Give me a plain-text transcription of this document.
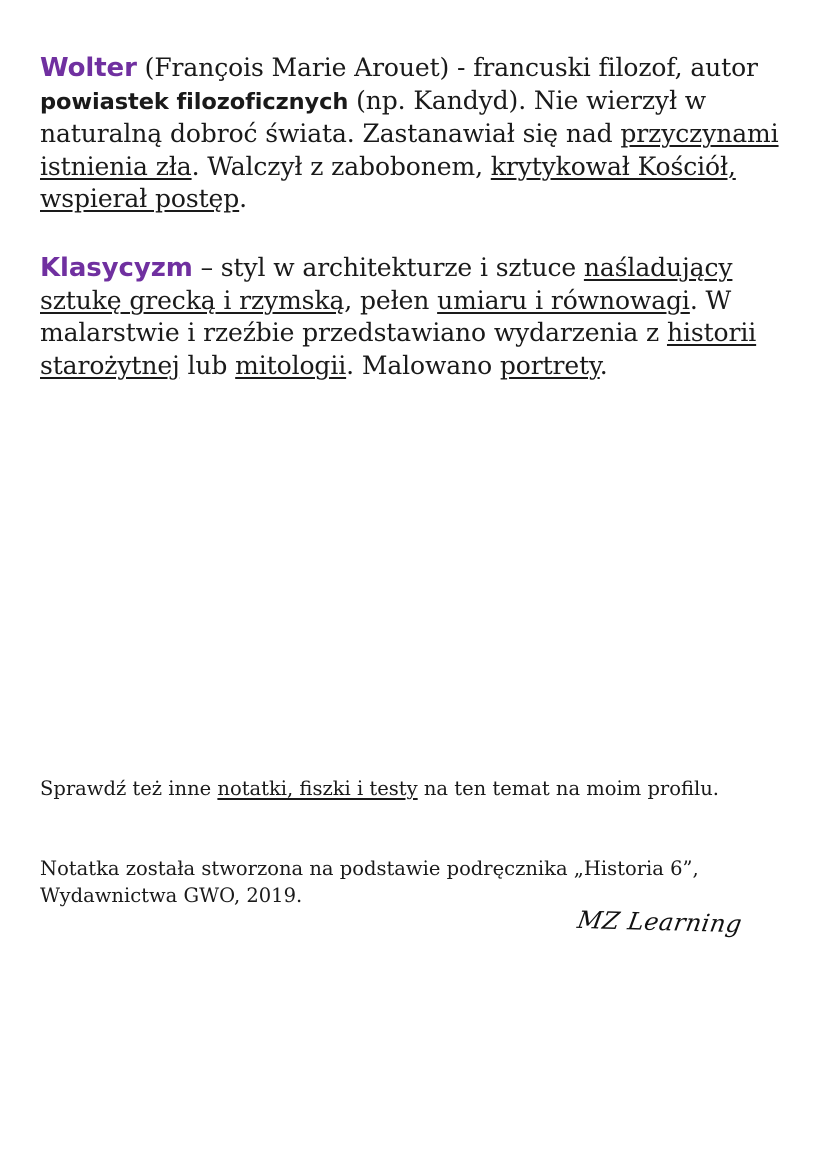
Wolter (François Marie Arouet) - francuski filozof, autor powiastek filozoficznych (np. Kandyd). Nie wierzył w naturalną dobroć świata. Zastanawiał się nad przyczynami istnienia zła. Walczył z zabobonem, krytykował Kościół, wspierał postęp.

Klasycyzm – styl w architekturze i sztuce naśladujący sztukę grecką i rzymską, pełen umiaru i równowagi. W malarstwie i rzeźbie przedstawiano wydarzenia z historii starożytnej lub mitologii. Malowano portrety.

Sprawdź też inne notatki, fiszki i testy na ten temat na moim profilu.

Notatka została stworzona na podstawie podręcznika „Historia 6”, Wydawnictwa GWO, 2019.

MZ Learning
